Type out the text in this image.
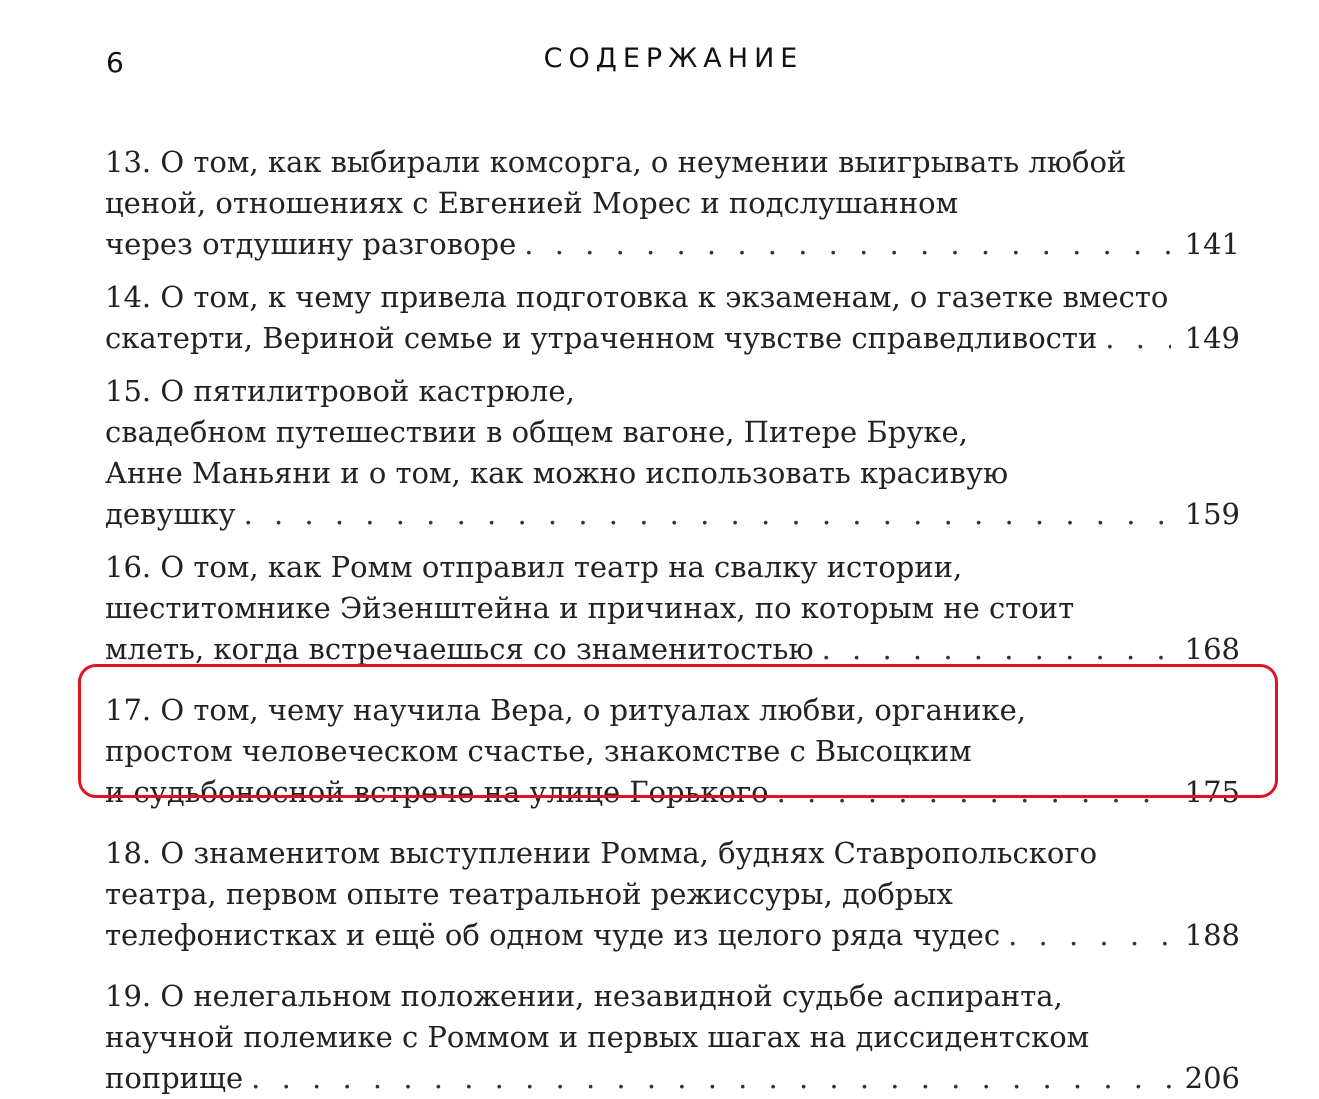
6	СОДЕРЖАНИЕ
13. О том, как выбирали комсорга, о неумении выигрывать любой
ценой, отношениях с Евгенией Морес и подслушанном
через отдушину разговоре . . .	141
14. О том, к чему привела подготовка к экзаменам, о газетке вместо
скатерти, Вериной семье и утраченном чувстве справедливости . . .	149
15. О пятилитровой кастрюле,
свадебном путешествии в общем вагоне, Питере Бруке,
Анне Маньяни и о том, как можно использовать красивую
девушку . . .	159
16. О том, как Ромм отправил театр на свалку истории,
шеститомнике Эйзенштейна и причинах, по которым не стоит
млеть, когда встречаешься со знаменитостью . . .	168
17. О том, чему научила Вера, о ритуалах любви, органике,
простом человеческом счастье, знакомстве с Высоцким
и судьбоносной встрече на улице Горького . . .	175
18. О знаменитом выступлении Ромма, буднях Ставропольского
театра, первом опыте театральной режиссуры, добрых
телефонистках и ещё об одном чуде из целого ряда чудес . . .	188
19. О нелегальном положении, незавидной судьбе аспиранта,
научной полемике с Роммом и первых шагах на диссидентском
поприще . . .	206
